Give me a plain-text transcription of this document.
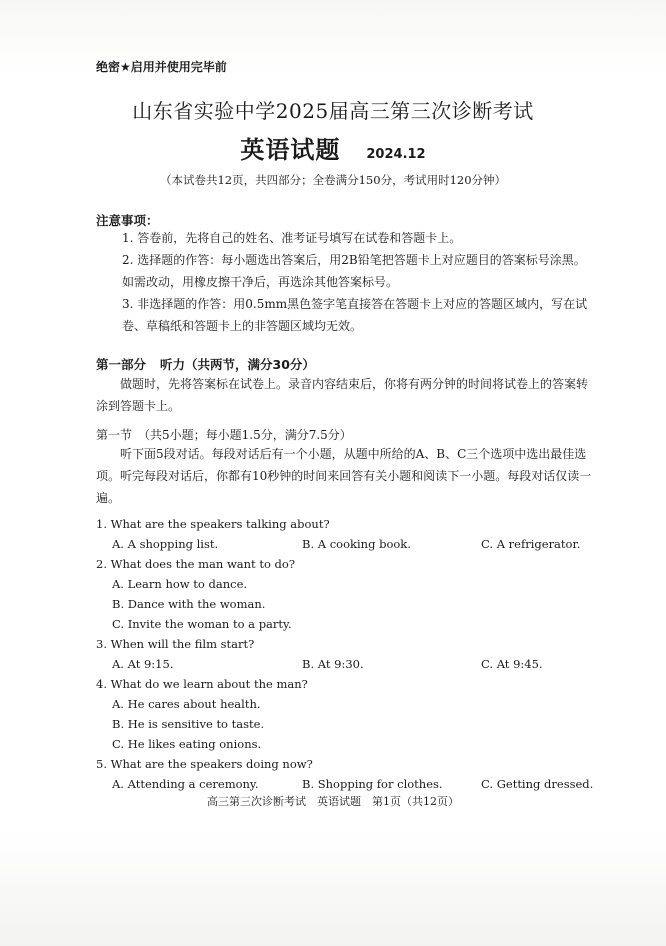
绝密★启用并使用完毕前
山东省实验中学2025届高三第三次诊断考试
英语试题 2024.12
（本试卷共12页，共四部分；全卷满分150分，考试用时120分钟）
注意事项：
1. 答卷前，先将自己的姓名、准考证号填写在试卷和答题卡上。
2. 选择题的作答：每小题选出答案后，用2B铅笔把答题卡上对应题目的答案标号涂黑。如需改动，用橡皮擦干净后，再选涂其他答案标号。
3. 非选择题的作答：用0.5mm黑色签字笔直接答在答题卡上对应的答题区域内，写在试卷、草稿纸和答题卡上的非答题区域均无效。
第一部分 听力（共两节，满分30分）
做题时，先将答案标在试卷上。录音内容结束后，你将有两分钟的时间将试卷上的答案转涂到答题卡上。
第一节　（共5小题；每小题1.5分，满分7.5分）
听下面5段对话。每段对话后有一个小题，从题中所给的A、B、C三个选项中选出最佳选项。听完每段对话后，你都有10秒钟的时间来回答有关小题和阅读下一小题。每段对话仅读一遍。
1. What are the speakers talking about?
A. A shopping list.	B. A cooking book.	C. A refrigerator.
2. What does the man want to do?
A. Learn how to dance.
B. Dance with the woman.
C. Invite the woman to a party.
3. When will the film start?
A. At 9:15.	B. At 9:30.	C. At 9:45.
4. What do we learn about the man?
A. He cares about health.
B. He is sensitive to taste.
C. He likes eating onions.
5. What are the speakers doing now?
A. Attending a ceremony.	B. Shopping for clothes.	C. Getting dressed.
高三第三次诊断考试　英语试题　第1页（共12页）
